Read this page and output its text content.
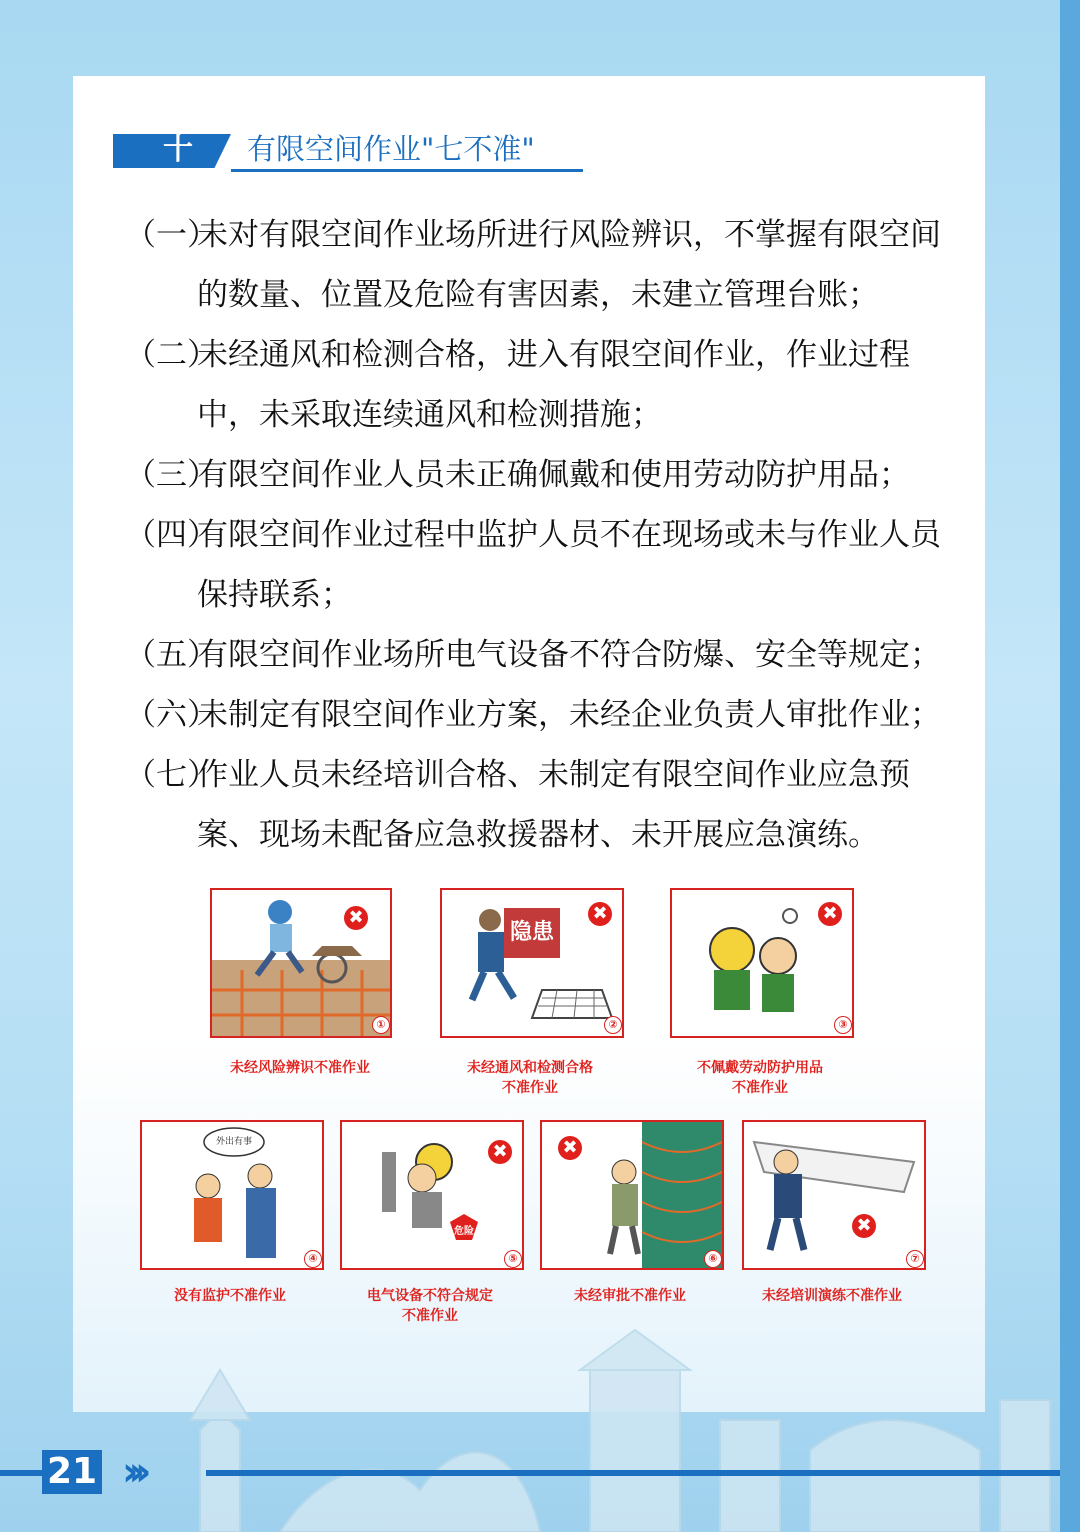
十	有限空间作业"七不准"
（一）
未对有限空间作业场所进行风险辨识，不掌握有限空间的数量、位置及危险有害因素，未建立管理台账；
（二）
未经通风和检测合格，进入有限空间作业，作业过程中，未采取连续通风和检测措施；
（三）
有限空间作业人员未正确佩戴和使用劳动防护用品；
（四）
有限空间作业过程中监护人员不在现场或未与作业人员保持联系；
（五）
有限空间作业场所电气设备不符合防爆、安全等规定；
（六）
未制定有限空间作业方案，未经企业负责人审批作业；
（七）
作业人员未经培训合格、未制定有限空间作业应急预案、现场未配备应急救援器材、未开展应急演练。
✖
①
未经风险辨识不准作业
隐患
✖
②
未经通风和检测合格
不准作业
✖
③
不佩戴劳动防护用品
不准作业
外出有事
④
没有监护不准作业
危险
✖
⑤
电气设备不符合规定
不准作业
✖
⑥
未经审批不准作业
✖
⑦
未经培训演练不准作业
21 ›››
